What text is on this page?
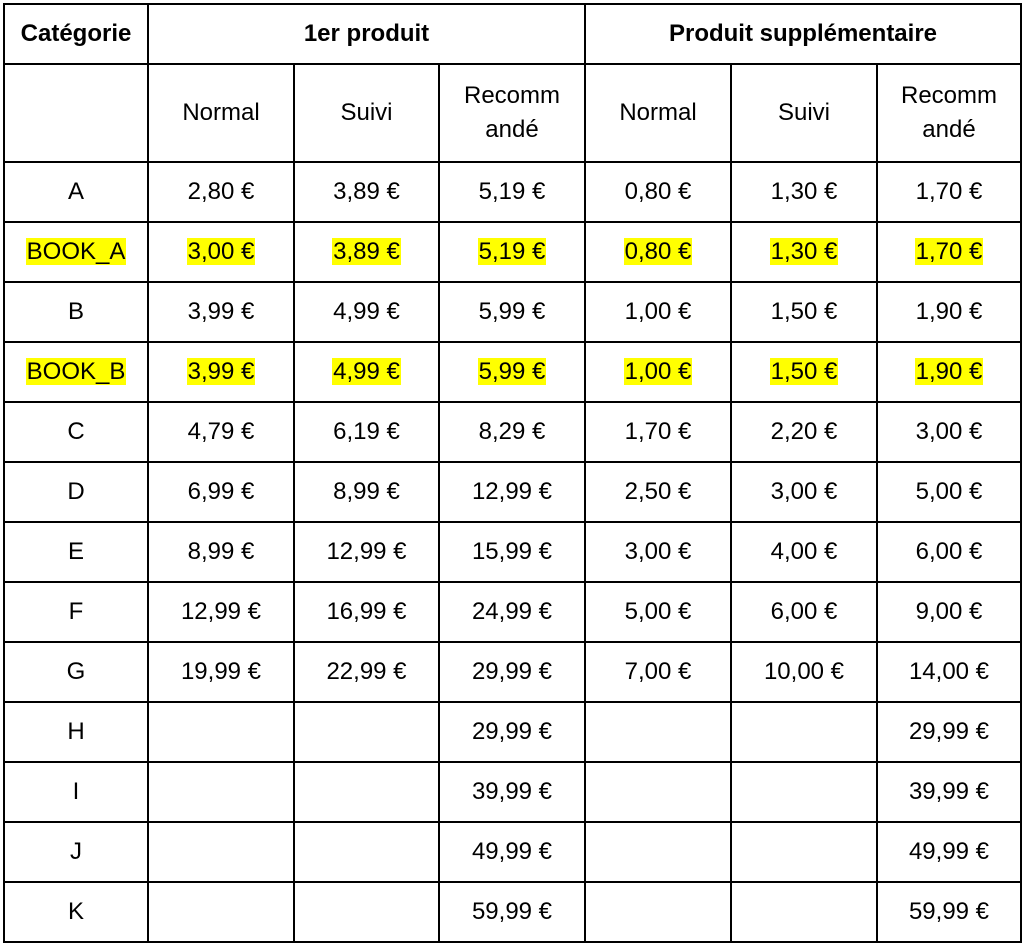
Catégorie	1er produit			Produit supplémentaire		
	Normal	Suivi	Recomm andé	Normal	Suivi	Recomm andé
A	2,80 €	3,89 €	5,19 €	0,80 €	1,30 €	1,70 €
BOOK_A	3,00 €	3,89 €	5,19 €	0,80 €	1,30 €	1,70 €
B	3,99 €	4,99 €	5,99 €	1,00 €	1,50 €	1,90 €
BOOK_B	3,99 €	4,99 €	5,99 €	1,00 €	1,50 €	1,90 €
C	4,79 €	6,19 €	8,29 €	1,70 €	2,20 €	3,00 €
D	6,99 €	8,99 €	12,99 €	2,50 €	3,00 €	5,00 €
E	8,99 €	12,99 €	15,99 €	3,00 €	4,00 €	6,00 €
F	12,99 €	16,99 €	24,99 €	5,00 €	6,00 €	9,00 €
G	19,99 €	22,99 €	29,99 €	7,00 €	10,00 €	14,00 €
H			29,99 €			29,99 €
I			39,99 €			39,99 €
J			49,99 €			49,99 €
K			59,99 €			59,99 €
